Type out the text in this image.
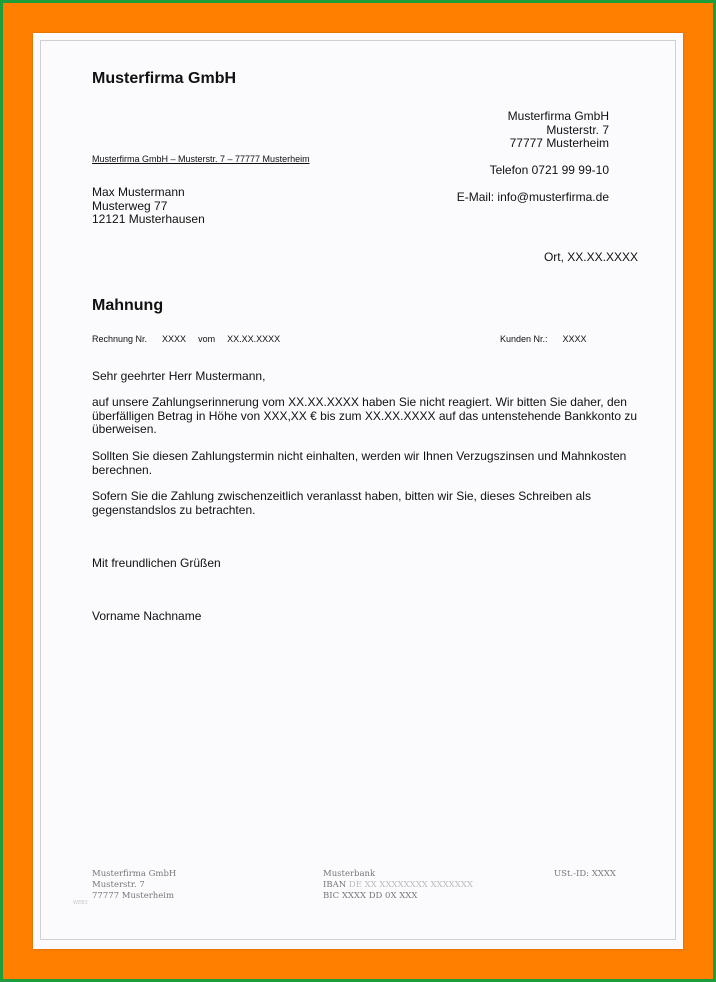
Musterfirma GmbH
Musterfirma GmbH
Musterstr. 7
77777 Musterheim
Telefon 0721 99 99-10
E-Mail: info@musterfirma.de
Musterfirma GmbH – Musterstr. 7 – 77777 Musterheim
Max Mustermann
Musterweg 77
12121 Musterhausen
Ort, XX.XX.XXXX
Mahnung
Rechnung Nr. XXXX vom XX.XX.XXXX	Kunden Nr.: XXXX
Sehr geehrter Herr Mustermann,
auf unsere Zahlungserinnerung vom XX.XX.XXXX haben Sie nicht reagiert. Wir bitten Sie daher, den überfälligen Betrag in Höhe von XXX,XX € bis zum XX.XX.XXXX auf das untenstehende Bankkonto zu überweisen.
Sollten Sie diesen Zahlungstermin nicht einhalten, werden wir Ihnen Verzugszinsen und Mahnkosten berechnen.
Sofern Sie die Zahlung zwischenzeitlich veranlasst haben, bitten wir Sie, dieses Schreiben als gegenstandslos zu betrachten.
Mit freundlichen Grüßen
Vorname Nachname
Musterfirma GmbH
Musterstr. 7
77777 Musterheim
Musterbank
IBAN DE XX XXXXXXXX XXXXXXX
BIC XXXX DD 0X XXX
USt.-ID: XXXX
WEB3
